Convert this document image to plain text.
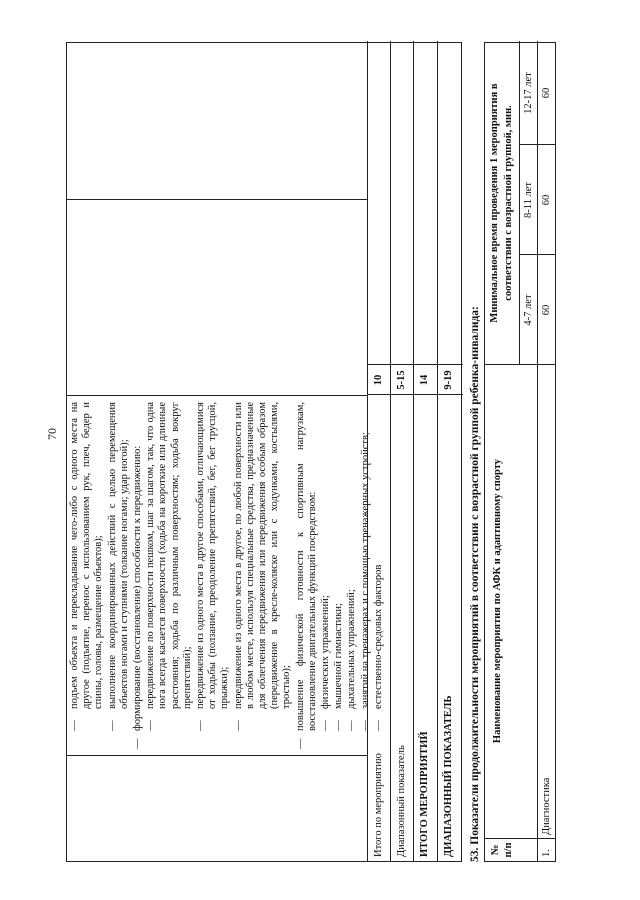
70
—
подъем объекта и перекладывание чего-либо с одного места на другое (подъятие, перенос с использованием рук, плеч, бедер и спины, головы, размещение объектов);
—
выполнение координированных действий с целью перемещения объектов ногами и ступнями (толкание ногами; удар ногой);
—
формирование (восстановление) способности к передвижению: —
передвижение по поверхности пешком, шаг за шагом, так, что одна нога всегда касается поверхности (ходьба на короткие или длинные расстояния; ходьба по различным поверхностям; ходьба вокруг препятствий);
—
передвижение из одного места в другое способами, отличающимися от ходьбы (ползание, преодоление препятствий, бег, бег трусцой, прыжки);
—
передвижение из одного места в другое, по любой поверхности или в любом месте, используя специальные средства, предназначенные для облегчения передвижения или передвижения особым образом (передвижение в кресле-коляске или с ходунками, костылями, тростью);
—
повышение физической готовности к спортивным нагрузкам, восстановление двигательных функций посредством: —
физических упражнений;
—
мышечной гимнастики;
—
дыхательных упражнений;
—
занятий на тренажерах и с помощью тренажерных устройств;
—
естественно-средовых факторов
Итого по мероприятию
10
Диапазонный показатель
5-15
ИТОГО МЕРОПРИЯТИЙ
14
ДИАПАЗОННЫЙ ПОКАЗАТЕЛЬ
9-19	53. Показатели продолжительности мероприятий в соответствии с возрастной группой ребенка-инвалида: № п/п
Наименование мероприятия по АФК и адаптивному спорту
Минимальное время проведения 1 мероприятия в соответствии с возрастной группой, мин.
4-7 лет
8-11 лет
12-17 лет
1.
Диагностика
60
60
60
